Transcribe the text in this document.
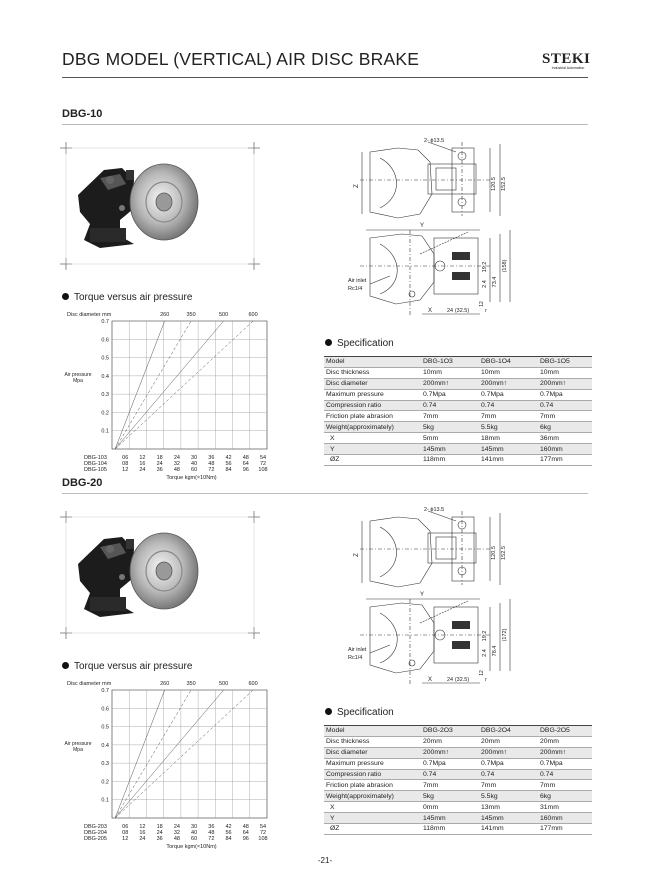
DBG MODEL (VERTICAL) AIR DISC BRAKE	STEKI
Industrial Automation
DBG-10
Torque versus air pressure
0.7
0.6
0.5
0.4
0.3
0.2
0.1
Disc diameter mm	260	350	500	600
Air pressure Mpa
DBG-103	06 12 18 24 30 36 42 48 54
DBG-104	08 16 24 32 40 48 56 64 72
DBG-105	12 24 36 48 60 72 84 96 108
Torque kgm(×10Nm)
Z	120.5 152.5
2- ϕ13.5
Y
2.4
19.2
73.4
(158)
12
Air inlet
Rc1/4
X	24 (32.5)	r
Specification
Model	DBG-1O3	DBG-1O4	DBG-1O5
Disc thickness	10mm	10mm	10mm
Disc diameter	200mm↑	200mm↑	200mm↑
Maximum pressure	0.7Mpa	0.7Mpa	0.7Mpa
Compression ratio	0.74	0.74	0.74
Friction plate abrasion	7mm	7mm	7mm
Weight(approximately)	5kg	5.5kg	6kg
X	5mm	18mm	36mm
Y	145mm	145mm	160mm
ØZ	118mm	141mm	177mm
DBG-20
Torque versus air pressure
0.7
0.6
0.5
0.4
0.3
0.2
0.1
Disc diameter mm	260	350	500	600
Air pressure Mpa
DBG-203	06 12 18 24 30 36 42 48 54
DBG-204	08 16 24 32 40 48 56 64 72
DBG-205	12 24 36 48 60 72 84 96 108
Torque kgm(×10Nm)
Z	120.5 152.5
2- ϕ13.5
Y
2.4
19.2
78.4
(172)
12
Air inlet
Rc1/4
X	24 (32.5)	r
Specification
Model	DBG-2O3	DBG-2O4	DBG-2O5
Disc thickness	20mm	20mm	20mm
Disc diameter	200mm↑	200mm↑	200mm↑
Maximum pressure	0.7Mpa	0.7Mpa	0.7Mpa
Compression ratio	0.74	0.74	0.74
Friction plate abrasion	7mm	7mm	7mm
Weight(approximately)	5kg	5.5kg	6kg
X	0mm	13mm	31mm
Y	145mm	145mm	160mm
ØZ	118mm	141mm	177mm
-21-
